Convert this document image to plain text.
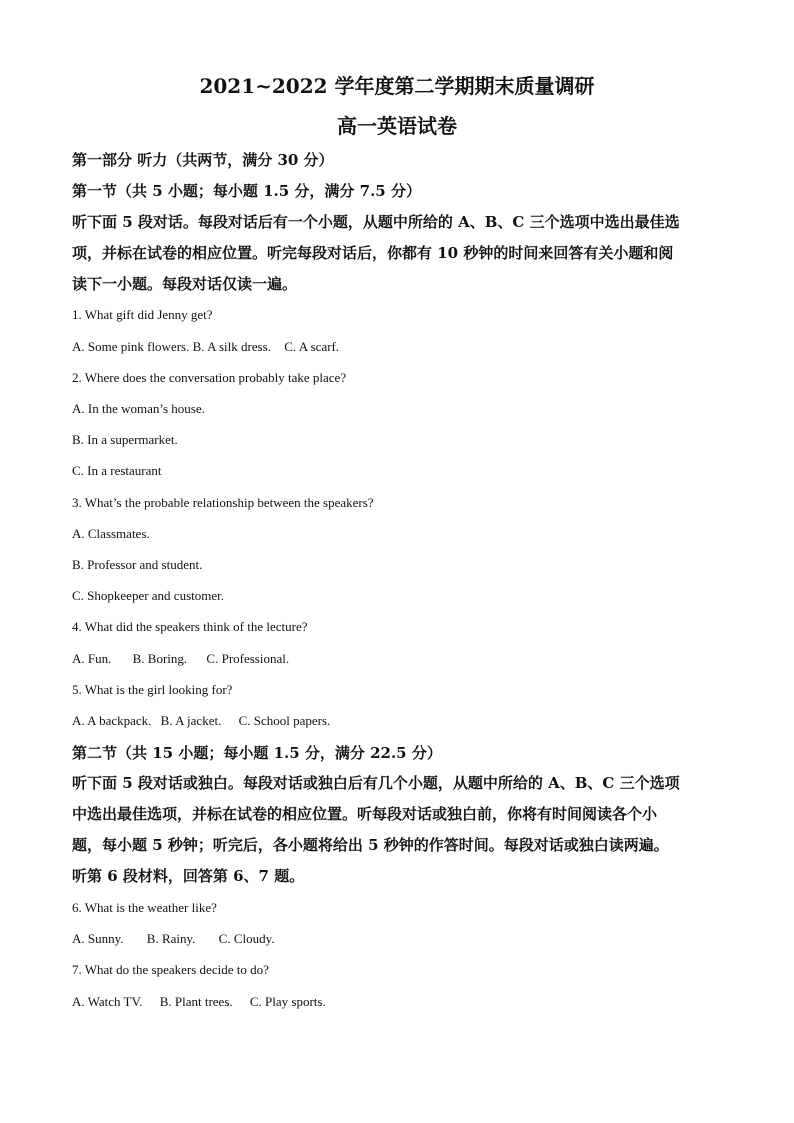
2021~2022 学年度第二学期期末质量调研
高一英语试卷
第一部分 听力（共两节，满分 30 分）
第一节（共 5 小题；每小题 1.5 分，满分 7.5 分）
听下面 5 段对话。每段对话后有一个小题，从题中所给的 A、B、C 三个选项中选出最佳选
项，并标在试卷的相应位置。听完每段对话后，你都有 10 秒钟的时间来回答有关小题和阅
读下一小题。每段对话仅读一遍。
1. What gift did Jenny get?
A. Some pink flowers. B. A silk dress. C. A scarf.
2. Where does the conversation probably take place?
A. In the woman’s house.
B. In a supermarket.
C. In a restaurant
3. What’s the probable relationship between the speakers?
A. Classmates.
B. Professor and student.
C. Shopkeeper and customer.
4. What did the speakers think of the lecture?
A. Fun. B. Boring. C. Professional.
5. What is the girl looking for?
A. A backpack. B. A jacket. C. School papers.
第二节（共 15 小题；每小题 1.5 分，满分 22.5 分）
听下面 5 段对话或独白。每段对话或独白后有几个小题，从题中所给的 A、B、C 三个选项
中选出最佳选项，并标在试卷的相应位置。听每段对话或独白前，你将有时间阅读各个小
题，每小题 5 秒钟；听完后，各小题将给出 5 秒钟的作答时间。每段对话或独白读两遍。
听第 6 段材料，回答第 6、7 题。
6. What is the weather like?
A. Sunny. B. Rainy. C. Cloudy.
7. What do the speakers decide to do?
A. Watch TV. B. Plant trees. C. Play sports.
